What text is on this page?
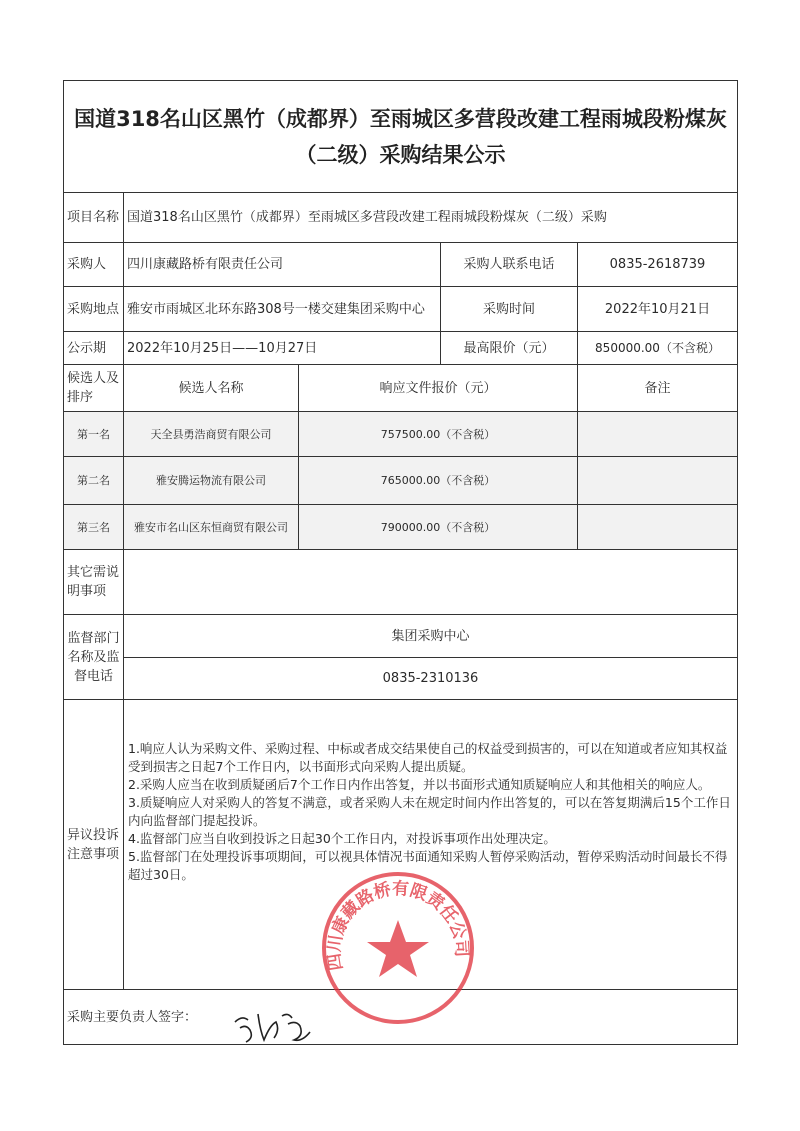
国道318名山区黑竹（成都界）至雨城区多营段改建工程雨城段粉煤灰（二级）采购结果公示				
项目名称	国道318名山区黑竹（成都界）至雨城区多营段改建工程雨城段粉煤灰（二级）采购			
采购人	四川康藏路桥有限责任公司		采购人联系电话	0835-2618739
采购地点	雅安市雨城区北环东路308号一楼交建集团采购中心		采购时间	2022年10月21日
公示期	2022年10月25日——10月27日		最高限价（元）	850000.00（不含税）
候选人及排序	候选人名称	响应文件报价（元）		备注
第一名	天全县勇浩商贸有限公司	757500.00（不含税）		
第二名	雅安腾运物流有限公司	765000.00（不含税）		
第三名	雅安市名山区东恒商贸有限公司	790000.00（不含税）		
其它需说明事项				
监督部门名称及监督电话	集团采购中心			
	0835-2310136			
异议投诉注意事项	1.响应人认为采购文件、采购过程、中标或者成交结果使自己的权益受到损害的，可以在知道或者应知其权益受到损害之日起7个工作日内，以书面形式向采购人提出质疑。
2.采购人应当在收到质疑函后7个工作日内作出答复，并以书面形式通知质疑响应人和其他相关的响应人。
3.质疑响应人对采购人的答复不满意，或者采购人未在规定时间内作出答复的，可以在答复期满后15个工作日内向监督部门提起投诉。
4.监督部门应当自收到投诉之日起30个工作日内，对投诉事项作出处理决定。
5.监督部门在处理投诉事项期间，可以视具体情况书面通知采购人暂停采购活动，暂停采购活动时间最长不得超过30日。			

采购主要负责人签字：				
四川康藏路桥有限责任公司
